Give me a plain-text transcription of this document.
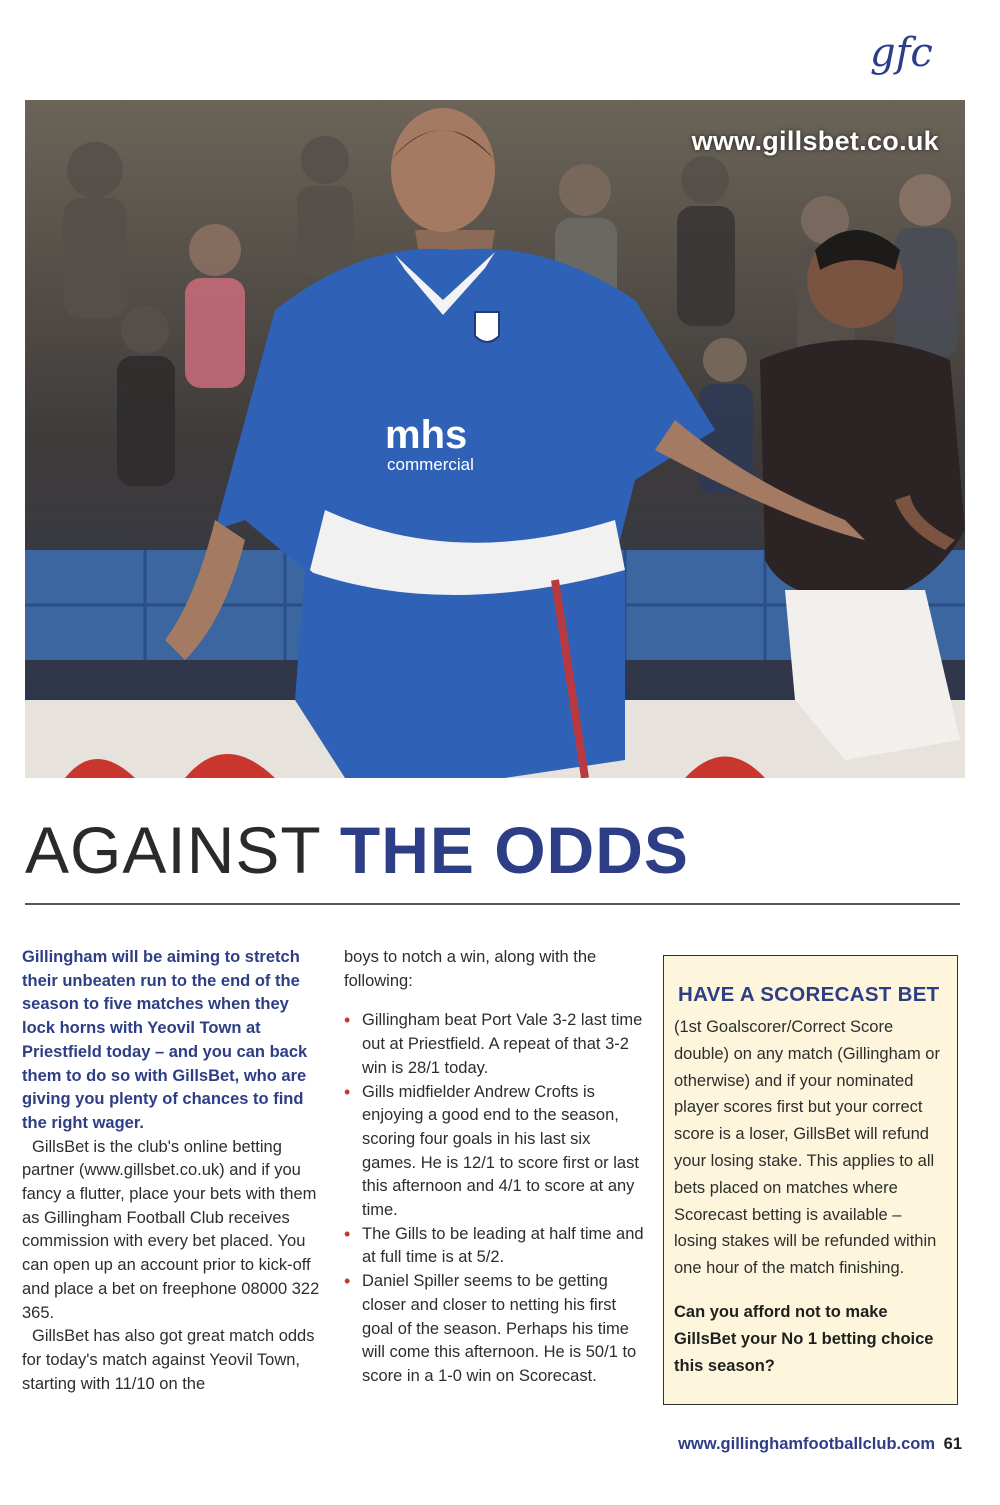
gfc
mhs
commercial
www.gillsbet.co.uk
AGAINST THE ODDS

Gillingham will be aiming to stretch their unbeaten run to the end of the season to five matches when they lock horns with Yeovil Town at Priestfield today – and you can back them to do so with GillsBet, who are giving you plenty of chances to find the right wager.

GillsBet is the club's online betting partner (www.gillsbet.co.uk) and if you fancy a flutter, place your bets with them as Gillingham Football Club receives commission with every bet placed. You can open up an account prior to kick-off and place a bet on freephone 08000 322 365.

GillsBet has also got great match odds for today's match against Yeovil Town, starting with 11/10 on the

boys to notch a win, along with the following:

• Gillingham beat Port Vale 3-2 last time out at Priestfield. A repeat of that 3-2 win is 28/1 today.
• Gills midfielder Andrew Crofts is enjoying a good end to the season, scoring four goals in his last six games. He is 12/1 to score first or last this afternoon and 4/1 to score at any time.
• The Gills to be leading at half time and at full time is at 5/2.
• Daniel Spiller seems to be getting closer and closer to netting his first goal of the season. Perhaps his time will come this afternoon. He is 50/1 to score in a 1-0 win on Scorecast.

HAVE A SCORECAST BET

(1st Goalscorer/Correct Score double) on any match (Gillingham or otherwise) and if your nominated player scores first but your correct score is a loser, GillsBet will refund your losing stake. This applies to all bets placed on matches where Scorecast betting is available – losing stakes will be refunded within one hour of the match finishing.

Can you afford not to make GillsBet your No 1 betting choice this season?

www.gillinghamfootballclub.com 61
